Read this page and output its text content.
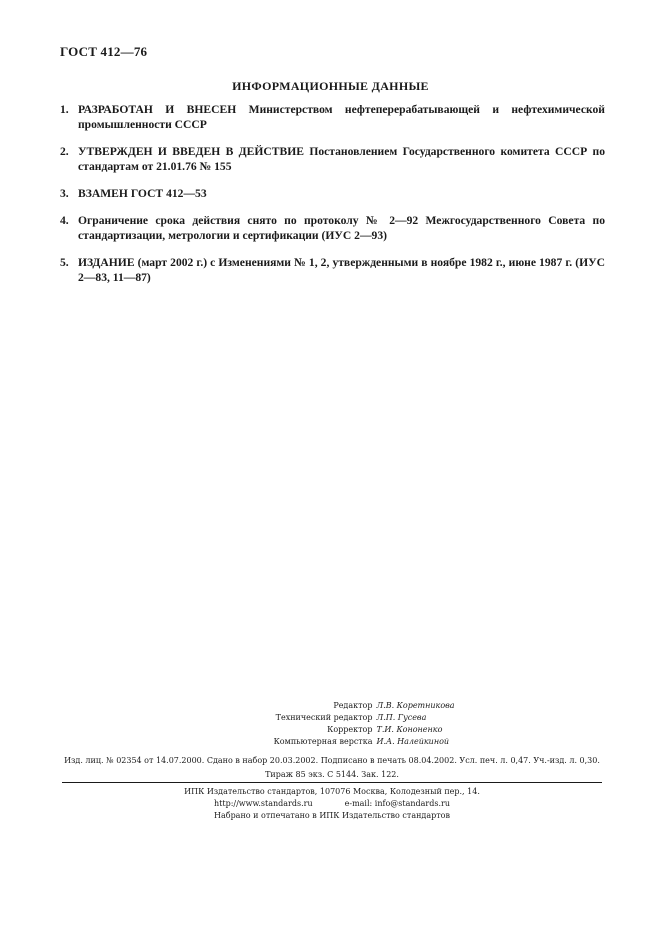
ГОСТ 412—76
ИНФОРМАЦИОННЫЕ ДАННЫЕ
1. РАЗРАБОТАН И ВНЕСЕН Министерством нефтеперерабатывающей и нефтехимической промышленности СССР
2. УТВЕРЖДЕН И ВВЕДЕН В ДЕЙСТВИЕ Постановлением Государственного комитета СССР по стандартам от 21.01.76 № 155
3. ВЗАМЕН ГОСТ 412—53
4. Ограничение срока действия снято по протоколу № 2—92 Межгосударственного Совета по стандартизации, метрологии и сертификации (ИУС 2—93)
5. ИЗДАНИЕ (март 2002 г.) с Изменениями № 1, 2, утвержденными в ноябре 1982 г., июне 1987 г. (ИУС 2—83, 11—87)
Редактор Л.В. Коретникова
Технический редактор Л.П. Гусева
Корректор Т.И. Кононенко
Компьютерная верстка И.А. Налейкиной
Изд. лиц. № 02354 от 14.07.2000. Сдано в набор 20.03.2002. Подписано в печать 08.04.2002. Усл. печ. л. 0,47. Уч.-изд. л. 0,30.
Тираж 85 экз. С 5144. Зак. 122.
ИПК Издательство стандартов, 107076 Москва, Колодезный пер., 14.
http://www.standards.ru	e-mail: info@standards.ru
Набрано и отпечатано в ИПК Издательство стандартов
